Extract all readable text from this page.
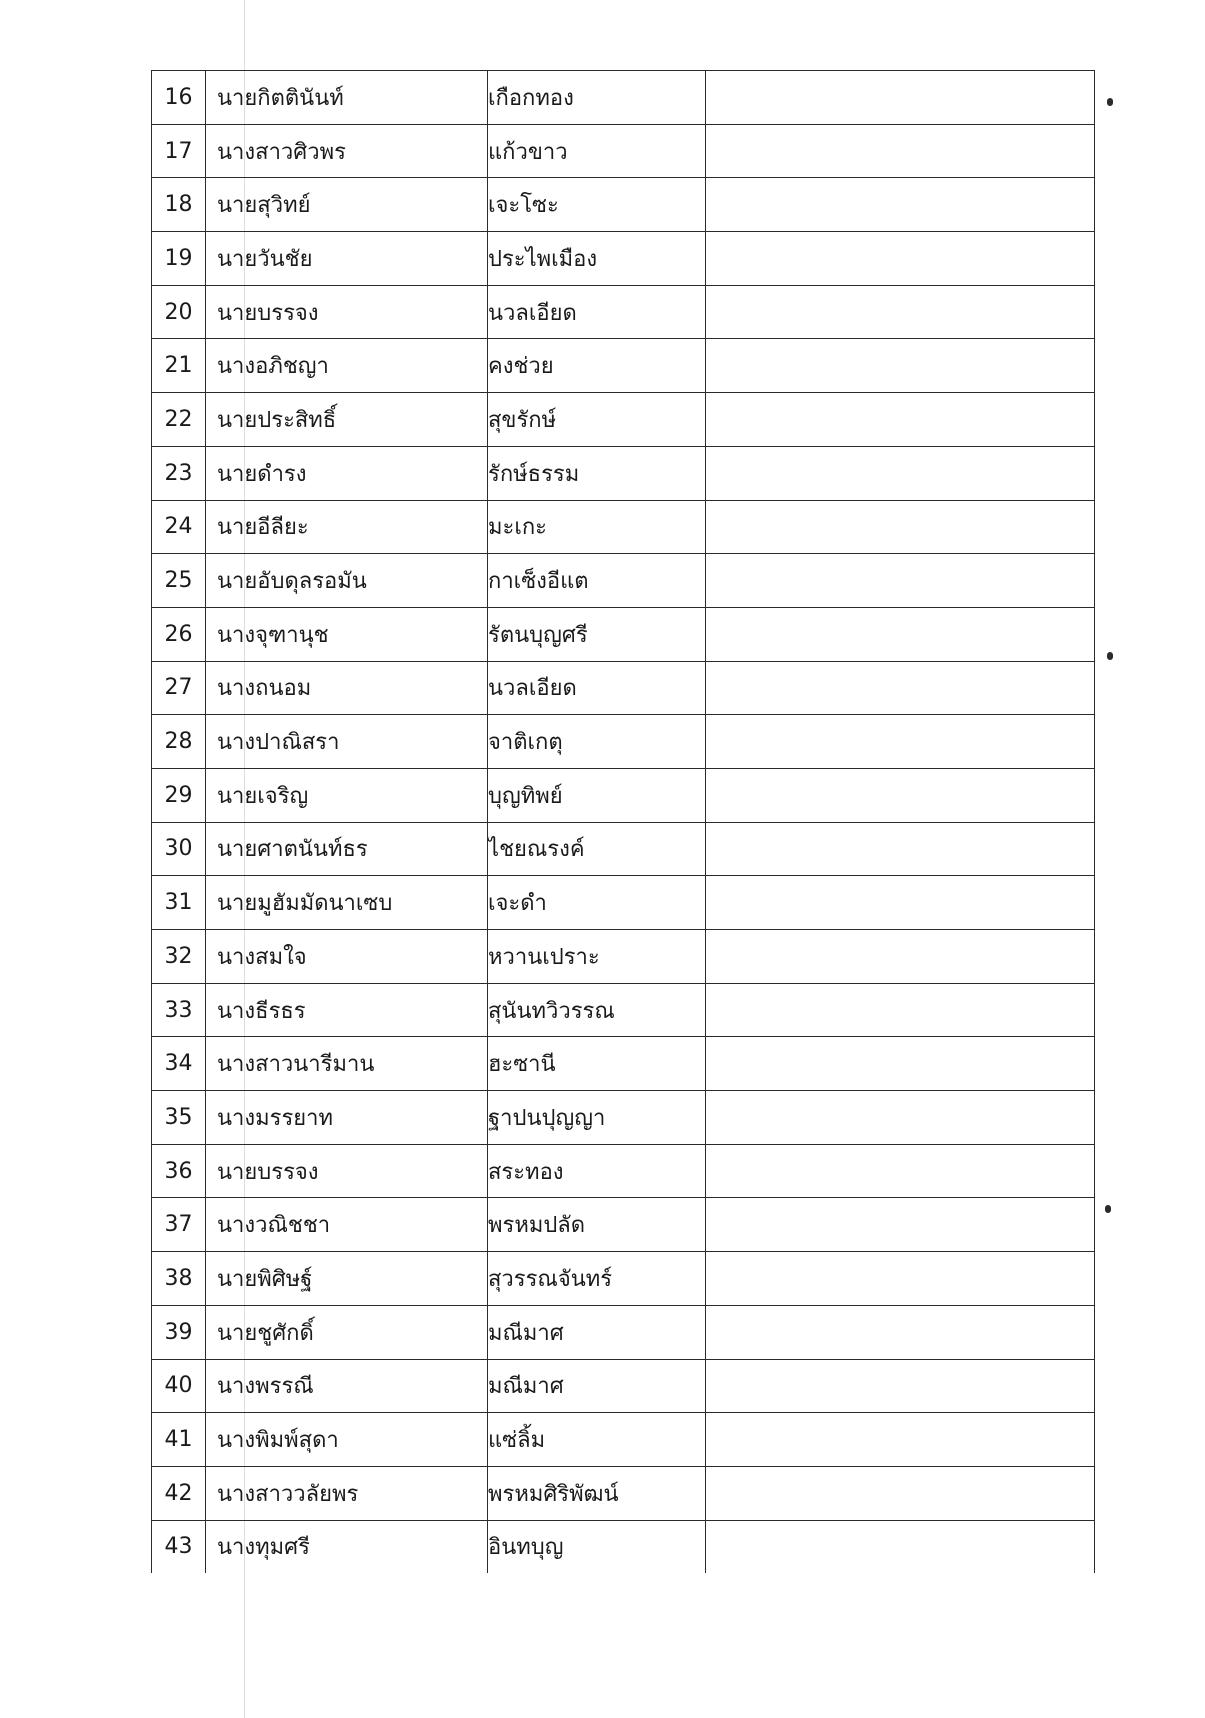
16	นายกิตตินันท์	เกือกทอง	
17	นางสาวศิวพร	แก้วขาว	
18	นายสุวิทย์	เจะโซะ	
19	นายวันชัย	ประไพเมือง	
20	นายบรรจง	นวลเอียด	
21	นางอภิชญา	คงช่วย	
22	นายประสิทธิ์	สุขรักษ์	
23	นายดำรง	รักษ์ธรรม	
24	นายอีลียะ	มะเกะ	
25	นายอับดุลรอมัน	กาเซ็งอีแต	
26	นางจุฑานุช	รัตนบุญศรี	
27	นางถนอม	นวลเอียด	
28	นางปาณิสรา	จาติเกตุ	
29	นายเจริญ	บุญทิพย์	
30	นายศาตนันท์ธร	ไชยณรงค์	
31	นายมูฮัมมัดนาเซบ	เจะดำ	
32	นางสมใจ	หวานเปราะ	
33	นางธีรธร	สุนันทวิวรรณ	
34	นางสาวนารีมาน	ฮะซานี	
35	นางมรรยาท	ฐาปนปุญญา	
36	นายบรรจง	สระทอง	
37	นางวณิชชา	พรหมปลัด	
38	นายพิศิษฐ์	สุวรรณจันทร์	
39	นายชูศักดิ์	มณีมาศ	
40	นางพรรณี	มณีมาศ	
41	นางพิมพ์สุดา	แซ่ลิ้ม	
42	นางสาววลัยพร	พรหมศิริพัฒน์	
43	นางทุมศรี	อินทบุญ	
